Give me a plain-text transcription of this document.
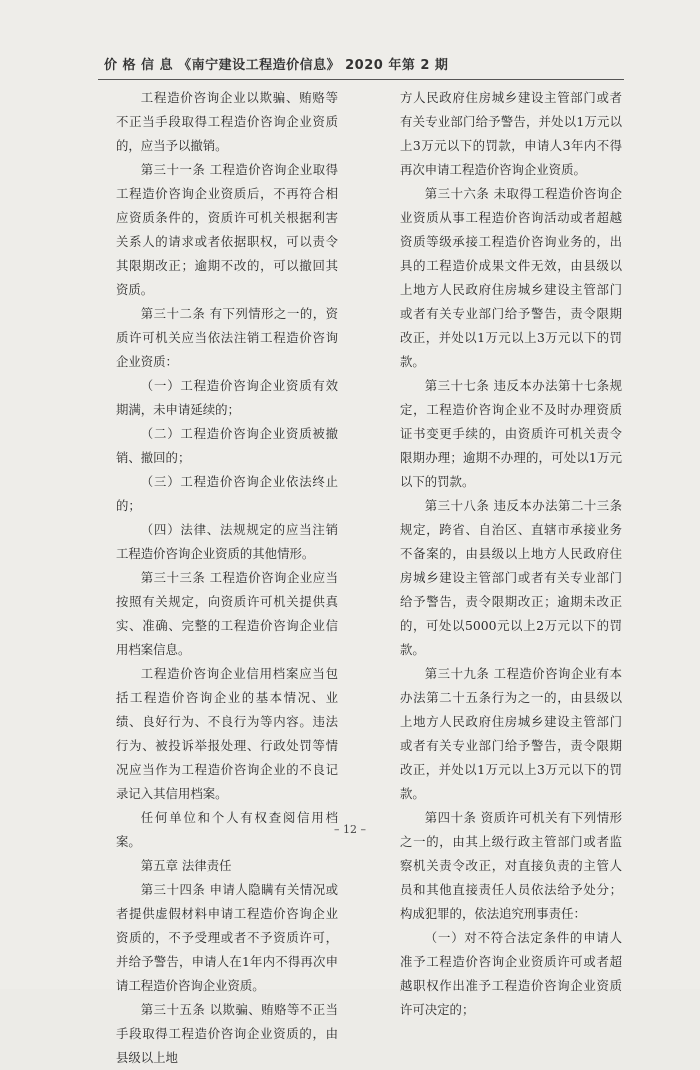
价 格 信 息 《南宁建设工程造价信息》 2020 年第 2 期

工程造价咨询企业以欺骗、贿赂等不正当手段取得工程造价咨询企业资质的，应当予以撤销。

第三十一条 工程造价咨询企业取得工程造价咨询企业资质后，不再符合相应资质条件的，资质许可机关根据利害关系人的请求或者依据职权，可以责令其限期改正；逾期不改的，可以撤回其资质。

第三十二条 有下列情形之一的，资质许可机关应当依法注销工程造价咨询企业资质：

（一）工程造价咨询企业资质有效期满，未申请延续的；

（二）工程造价咨询企业资质被撤销、撤回的；

（三）工程造价咨询企业依法终止的；

（四）法律、法规规定的应当注销工程造价咨询企业资质的其他情形。

第三十三条 工程造价咨询企业应当按照有关规定，向资质许可机关提供真实、准确、完整的工程造价咨询企业信用档案信息。

工程造价咨询企业信用档案应当包括工程造价咨询企业的基本情况、业绩、良好行为、不良行为等内容。违法行为、被投诉举报处理、行政处罚等情况应当作为工程造价咨询企业的不良记录记入其信用档案。

任何单位和个人有权查阅信用档案。

第五章 法律责任

第三十四条 申请人隐瞒有关情况或者提供虚假材料申请工程造价咨询企业资质的，不予受理或者不予资质许可，并给予警告，申请人在1年内不得再次申请工程造价咨询企业资质。

第三十五条 以欺骗、贿赂等不正当手段取得工程造价咨询企业资质的，由县级以上地

方人民政府住房城乡建设主管部门或者有关专业部门给予警告，并处以1万元以上3万元以下的罚款，申请人3年内不得再次申请工程造价咨询企业资质。

第三十六条 未取得工程造价咨询企业资质从事工程造价咨询活动或者超越资质等级承接工程造价咨询业务的，出具的工程造价成果文件无效，由县级以上地方人民政府住房城乡建设主管部门或者有关专业部门给予警告，责令限期改正，并处以1万元以上3万元以下的罚款。

第三十七条 违反本办法第十七条规定，工程造价咨询企业不及时办理资质证书变更手续的，由资质许可机关责令限期办理；逾期不办理的，可处以1万元以下的罚款。

第三十八条 违反本办法第二十三条规定，跨省、自治区、直辖市承接业务不备案的，由县级以上地方人民政府住房城乡建设主管部门或者有关专业部门给予警告，责令限期改正；逾期未改正的，可处以5000元以上2万元以下的罚款。

第三十九条 工程造价咨询企业有本办法第二十五条行为之一的，由县级以上地方人民政府住房城乡建设主管部门或者有关专业部门给予警告，责令限期改正，并处以1万元以上3万元以下的罚款。

第四十条 资质许可机关有下列情形之一的，由其上级行政主管部门或者监察机关责令改正，对直接负责的主管人员和其他直接责任人员依法给予处分；构成犯罪的，依法追究刑事责任：

（一）对不符合法定条件的申请人准予工程造价咨询企业资质许可或者超越职权作出准予工程造价咨询企业资质许可决定的；

– 12 –
